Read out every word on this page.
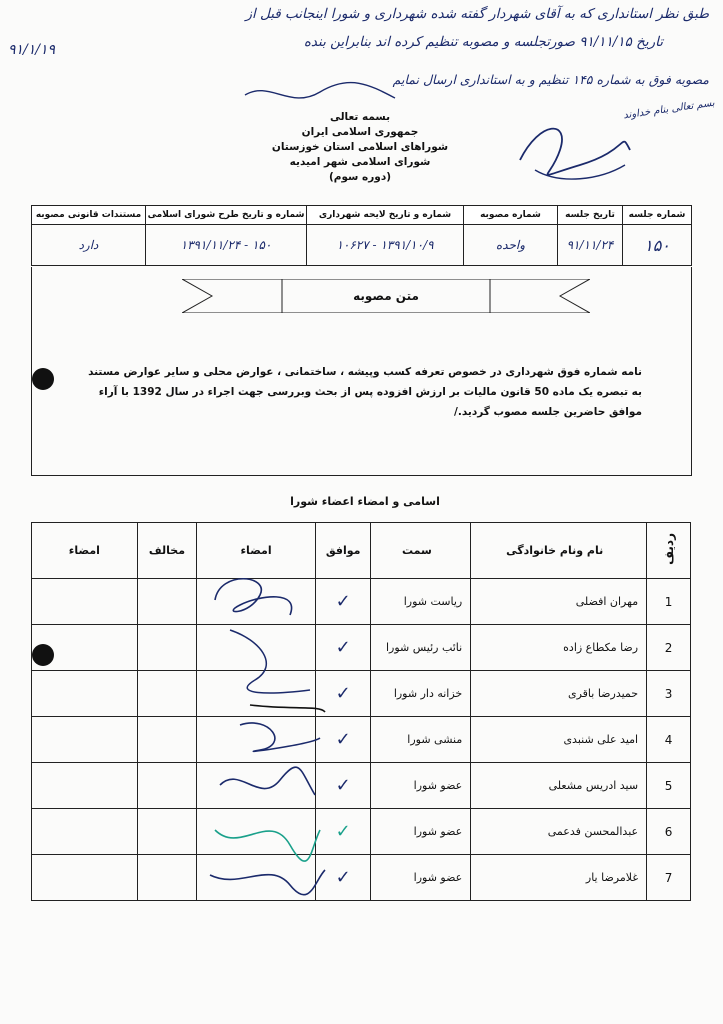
طبق نظر استانداری که به آقای شهردار گفته شده شهرداری و شورا اینجانب قبل از
تاریخ ۹۱/۱۱/۱۵ صورتجلسه و مصوبه تنظیم کرده اند بنابراین بنده
۹۱/۱/۱۹
مصوبه فوق به شماره ۱۴۵ تنظیم و به استانداری ارسال نمایم
بسم تعالی بنام خداوند
بسمه تعالی
جمهوری اسلامی ایران
شوراهای اسلامی استان خوزستان
شورای اسلامی شهر امیدیه
(دوره سوم)
شماره جلسه	تاریخ جلسه	شماره مصوبه	شماره و تاریخ لایحه شهرداری	شماره و تاریخ طرح شورای اسلامی	مستندات قانونی مصوبه
۱۵۰	۹۱/۱۱/۲۴	واحده	۱۳۹۱/۱۰/۹ - ۱۰۶۲۷	۱۵۰ - ۱۳۹۱/۱۱/۲۴	دارد
متن مصوبه
نامه شماره فوق شهرداری در خصوص تعرفه کسب وپیشه ، ساختمانی ، عوارض محلی و سایر عوارض مستند به تبصره یک ماده 50 قانون مالیات بر ارزش افزوده پس از بحث وبررسی جهت اجراء در سال 1392 با آراء موافق حاضرین جلسه مصوب گردید./
اسامی و امضاء اعضاء شورا
ردیف	نام ونام خانوادگی	سمت	موافق	امضاء	مخالف	امضاء
1	مهران افضلی	ریاست شورا	✓			
2	رضا مکطاع زاده	نائب رئیس شورا	✓			
3	حمیدرضا باقری	خزانه دار شورا	✓			
4	امید علی شنبدی	منشی شورا	✓			
5	سید ادریس مشعلی	عضو شورا	✓			
6	عبدالمحسن فدعمی	عضو شورا	✓			
7	غلامرضا یار	عضو شورا	✓			
